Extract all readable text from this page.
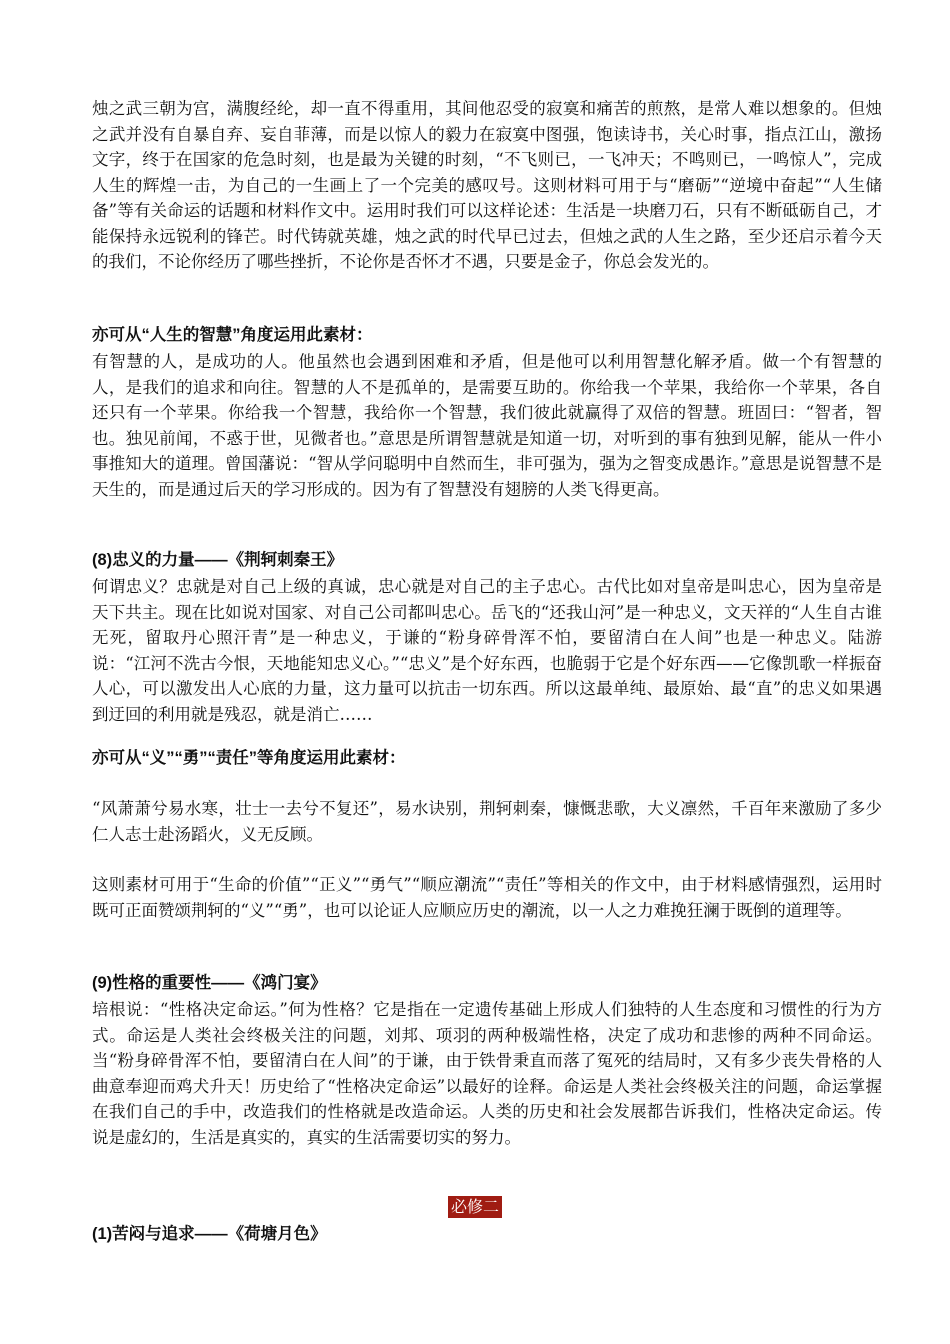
烛之武三朝为宫，满腹经纶，却一直不得重用，其间他忍受的寂寞和痛苦的煎熬，是常人难以想象的。但烛之武并没有自暴自弃、妄自菲薄，而是以惊人的毅力在寂寞中图强，饱读诗书，关心时事，指点江山，激扬文字，终于在国家的危急时刻，也是最为关键的时刻，“不飞则已，一飞冲天；不鸣则已，一鸣惊人”，完成人生的辉煌一击，为自己的一生画上了一个完美的感叹号。这则材料可用于与“磨砺”“逆境中奋起”“人生储备”等有关命运的话题和材料作文中。运用时我们可以这样论述：生活是一块磨刀石，只有不断砥砺自己，才能保持永远锐利的锋芒。时代铸就英雄，烛之武的时代早已过去，但烛之武的人生之路，至少还启示着今天的我们，不论你经历了哪些挫折，不论你是否怀才不遇，只要是金子，你总会发光的。

亦可从“人生的智慧”角度运用此素材：

有智慧的人，是成功的人。他虽然也会遇到困难和矛盾，但是他可以利用智慧化解矛盾。做一个有智慧的人，是我们的追求和向往。智慧的人不是孤单的，是需要互助的。你给我一个苹果，我给你一个苹果，各自还只有一个苹果。你给我一个智慧，我给你一个智慧，我们彼此就赢得了双倍的智慧。班固曰：“智者，智也。独见前闻，不惑于世，见微者也。”意思是所谓智慧就是知道一切，对听到的事有独到见解，能从一件小事推知大的道理。曾国藩说：“智从学问聪明中自然而生，非可强为，强为之智变成愚诈。”意思是说智慧不是天生的，而是通过后天的学习形成的。因为有了智慧没有翅膀的人类飞得更高。

(8)忠义的力量——《荆轲刺秦王》

何谓忠义？忠就是对自己上级的真诚，忠心就是对自己的主子忠心。古代比如对皇帝是叫忠心，因为皇帝是天下共主。现在比如说对国家、对自己公司都叫忠心。岳飞的“还我山河”是一种忠义，文天祥的“人生自古谁无死，留取丹心照汗青”是一种忠义，于谦的“粉身碎骨浑不怕，要留清白在人间”也是一种忠义。陆游说：“江河不洗古今恨，天地能知忠义心。”“忠义”是个好东西，也脆弱于它是个好东西——它像凯歌一样振奋人心，可以激发出人心底的力量，这力量可以抗击一切东西。所以这最单纯、最原始、最“直”的忠义如果遇到迂回的利用就是残忍，就是消亡……

亦可从“义”“勇”“责任”等角度运用此素材：

“风萧萧兮易水寒，壮士一去兮不复还”，易水诀别，荆轲刺秦，慷慨悲歌，大义凛然，千百年来激励了多少仁人志士赴汤蹈火，义无反顾。

这则素材可用于“生命的价值”“正义”“勇气”“顺应潮流”“责任”等相关的作文中，由于材料感情强烈，运用时既可正面赞颂荆轲的“义”“勇”，也可以论证人应顺应历史的潮流，以一人之力难挽狂澜于既倒的道理等。

(9)性格的重要性——《鸿门宴》

培根说：“性格决定命运。”何为性格？它是指在一定遗传基础上形成人们独特的人生态度和习惯性的行为方式。命运是人类社会终极关注的问题，刘邦、项羽的两种极端性格，决定了成功和悲惨的两种不同命运。当“粉身碎骨浑不怕，要留清白在人间”的于谦，由于铁骨秉直而落了冤死的结局时，又有多少丧失骨格的人曲意奉迎而鸡犬升天！历史给了“性格决定命运”以最好的诠释。命运是人类社会终极关注的问题，命运掌握在我们自己的手中，改造我们的性格就是改造命运。人类的历史和社会发展都告诉我们，性格决定命运。传说是虚幻的，生活是真实的，真实的生活需要切实的努力。

必修二

(1)苦闷与追求——《荷塘月色》
